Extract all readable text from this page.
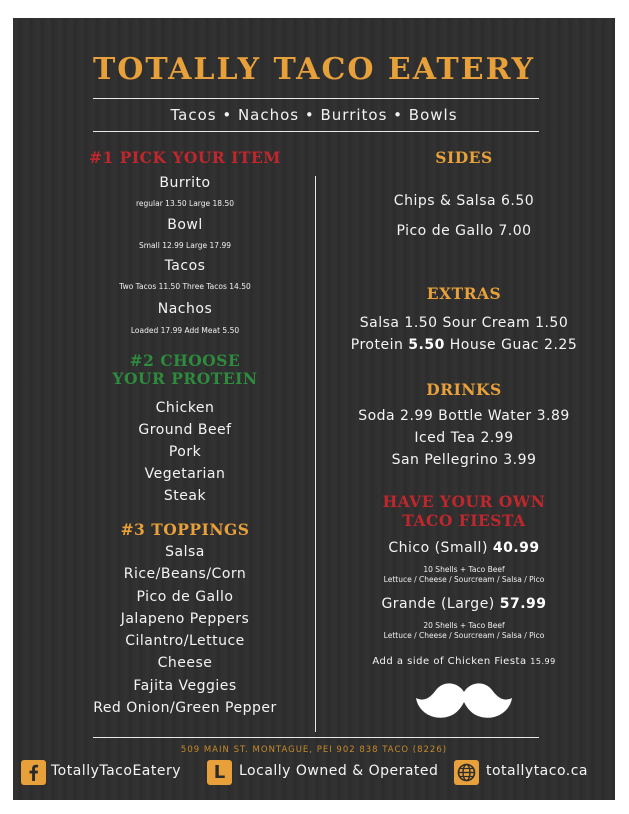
TOTALLY TACO EATERY
Tacos • Nachos • Burritos • Bowls
#1 PICK YOUR ITEM
Burrito
regular 13.50 Large 18.50
Bowl
Small 12.99 Large 17.99
Tacos
Two Tacos 11.50 Three Tacos 14.50
Nachos
Loaded 17.99 Add Meat 5.50
#2 CHOOSE
YOUR PROTEIN
Chicken
Ground Beef
Pork
Vegetarian
Steak
#3 TOPPINGS
Salsa
Rice/Beans/Corn
Pico de Gallo
Jalapeno Peppers
Cilantro/Lettuce
Cheese
Fajita Veggies
Red Onion/Green Pepper
SIDES
Chips & Salsa 6.50
Pico de Gallo 7.00
EXTRAS
Salsa 1.50 Sour Cream 1.50
Protein 5.50 House Guac 2.25
DRINKS
Soda 2.99 Bottle Water 3.89
Iced Tea 2.99
San Pellegrino 3.99
HAVE YOUR OWN
TACO FIESTA
Chico (Small) 40.99
10 Shells + Taco Beef
Lettuce / Cheese / Sourcream / Salsa / Pico
Grande (Large) 57.99
20 Shells + Taco Beef
Lettuce / Cheese / Sourcream / Salsa / Pico
Add a side of Chicken Fiesta 15.99
509 MAIN ST. MONTAGUE, PEI 902 838 TACO (8226)
TotallyTacoEatery	L Locally Owned & Operated	totallytaco.ca
